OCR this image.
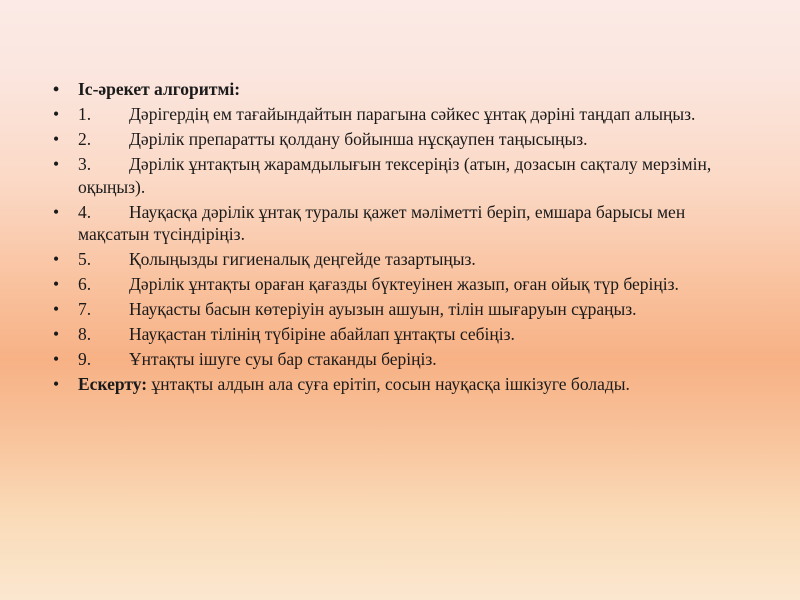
•	Іс-әрекет алгоритмі:
•	1. Дәрігердің ем тағайындайтын парагына сәйкес ұнтақ дәріні таңдап алыңыз.
•	2. Дәрілік препаратты қолдану бойынша нұсқаупен таңысыңыз.
•	3. Дәрілік ұнтақтың жарамдылығын тексеріңіз (атын, дозасын сақталу мерзімін, оқыңыз).
•	4. Науқасқа дәрілік ұнтақ туралы қажет мәліметті беріп, емшара барысы мен мақсатын түсіндіріңіз.
•	5. Қолыңызды гигиеналық деңгейде тазартыңыз.
•	6. Дәрілік ұнтақты ораған қағазды бүктеуінен жазып, оған ойық түр беріңіз.
•	7. Науқасты басын көтеріуін ауызын ашуын, тілін шығаруын сұраңыз.
•	8. Науқастан тілінің түбіріне абайлап ұнтақты себіңіз.
•	9. Ұнтақты ішуге суы бар стаканды беріңіз.
•	Ескерту: ұнтақты алдын ала суға ерітіп, сосын науқасқа ішкізуге болады.
